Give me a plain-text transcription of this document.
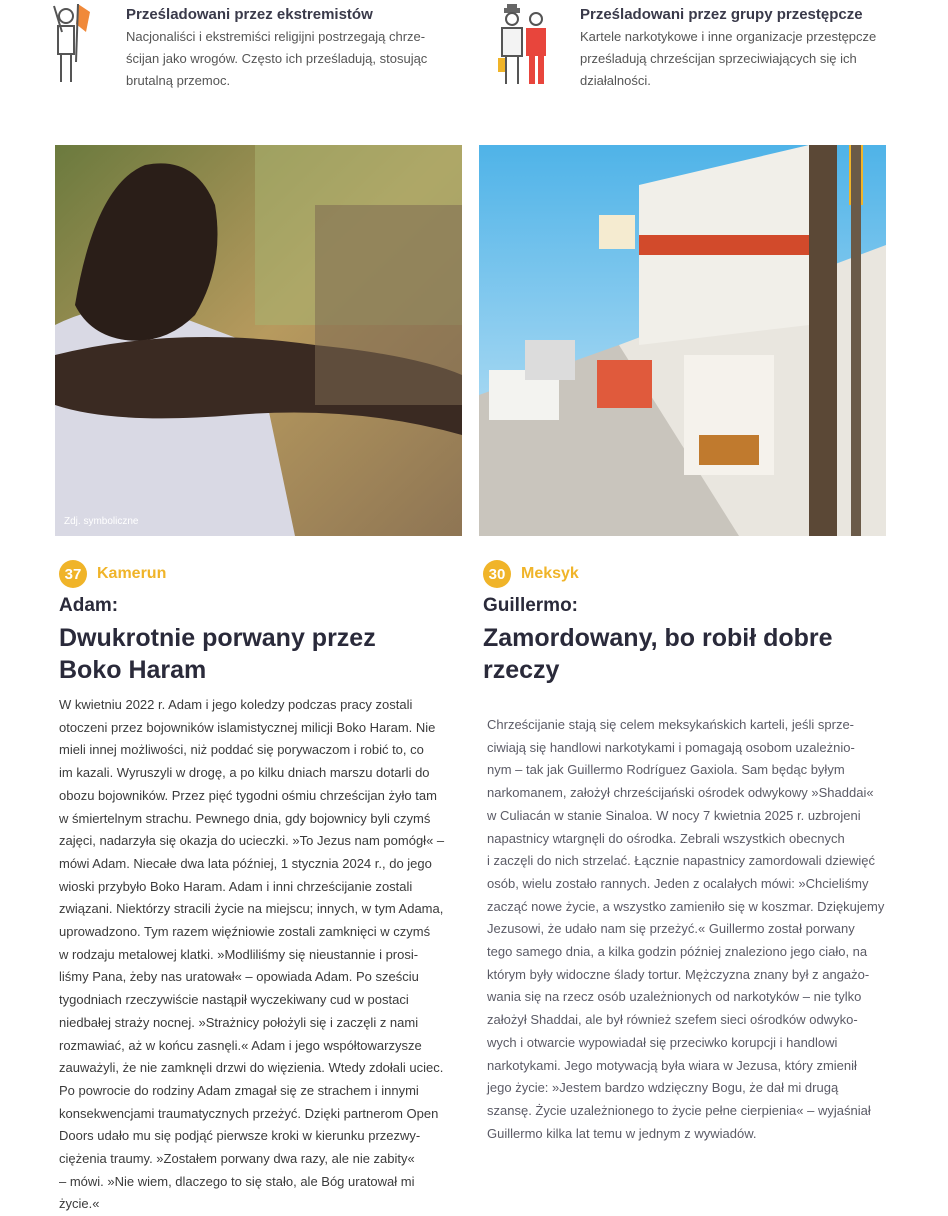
Prześladowani przez ekstremistów
Nacjonaliści i ekstremiści religijni postrzegają chrze-
ścijan jako wrogów. Często ich prześladują, stosując
brutalną przemoc.
Prześladowani przez grupy przestępcze
Kartele narkotykowe i inne organizacje przestępcze
prześladują chrześcijan sprzeciwiających się ich
działalności.
Zdj. symboliczne
37 Kamerun
Adam:
Dwukrotnie porwany przez
Boko Haram
W kwietniu 2022 r. Adam i jego koledzy podczas pracy zostali
otoczeni przez bojowników islamistycznej milicji Boko Haram. Nie
mieli innej możliwości, niż poddać się porywaczom i robić to, co
im kazali. Wyruszyli w drogę, a po kilku dniach marszu dotarli do
obozu bojowników. Przez pięć tygodni ośmiu chrześcijan żyło tam
w śmiertelnym strachu. Pewnego dnia, gdy bojownicy byli czymś
zajęci, nadarzyła się okazja do ucieczki. »To Jezus nam pomógł« –
mówi Adam. Niecałe dwa lata później, 1 stycznia 2024 r., do jego
wioski przybyło Boko Haram. Adam i inni chrześcijanie zostali
związani. Niektórzy stracili życie na miejscu; innych, w tym Adama,
uprowadzono. Tym razem więźniowie zostali zamknięci w czymś
w rodzaju metalowej klatki. »Modliliśmy się nieustannie i prosi-
liśmy Pana, żeby nas uratował« – opowiada Adam. Po sześciu
tygodniach rzeczywiście nastąpił wyczekiwany cud w postaci
niedbałej straży nocnej. »Strażnicy położyli się i zaczęli z nami
rozmawiać, aż w końcu zasnęli.« Adam i jego współtowarzysze
zauważyli, że nie zamknęli drzwi do więzienia. Wtedy zdołali uciec.
Po powrocie do rodziny Adam zmagał się ze strachem i innymi
konsekwencjami traumatycznych przeżyć. Dzięki partnerom Open
Doors udało mu się podjąć pierwsze kroki w kierunku przezwy-
ciężenia traumy. »Zostałem porwany dwa razy, ale nie zabity«
– mówi. »Nie wiem, dlaczego to się stało, ale Bóg uratował mi
życie.«
30 Meksyk
Guillermo:
Zamordowany, bo robił dobre
rzeczy
Chrześcijanie stają się celem meksykańskich karteli, jeśli sprze-
ciwiają się handlowi narkotykami i pomagają osobom uzależnio-
nym – tak jak Guillermo Rodríguez Gaxiola. Sam będąc byłym
narkomanem, założył chrześcijański ośrodek odwykowy »Shaddai«
w Culiacán w stanie Sinaloa. W nocy 7 kwietnia 2025 r. uzbrojeni
napastnicy wtargnęli do ośrodka. Zebrali wszystkich obecnych
i zaczęli do nich strzelać. Łącznie napastnicy zamordowali dziewięć
osób, wielu zostało rannych. Jeden z ocalałych mówi: »Chcieliśmy
zacząć nowe życie, a wszystko zamieniło się w koszmar. Dziękujemy
Jezusowi, że udało nam się przeżyć.« Guillermo został porwany
tego samego dnia, a kilka godzin później znaleziono jego ciało, na
którym były widoczne ślady tortur. Mężczyzna znany był z angażo-
wania się na rzecz osób uzależnionych od narkotyków – nie tylko
założył Shaddai, ale był również szefem sieci ośrodków odwyko-
wych i otwarcie wypowiadał się przeciwko korupcji i handlowi
narkotykami. Jego motywacją była wiara w Jezusa, który zmienił
jego życie: »Jestem bardzo wdzięczny Bogu, że dał mi drugą
szansę. Życie uzależnionego to życie pełne cierpienia« – wyjaśniał
Guillermo kilka lat temu w jednym z wywiadów.
